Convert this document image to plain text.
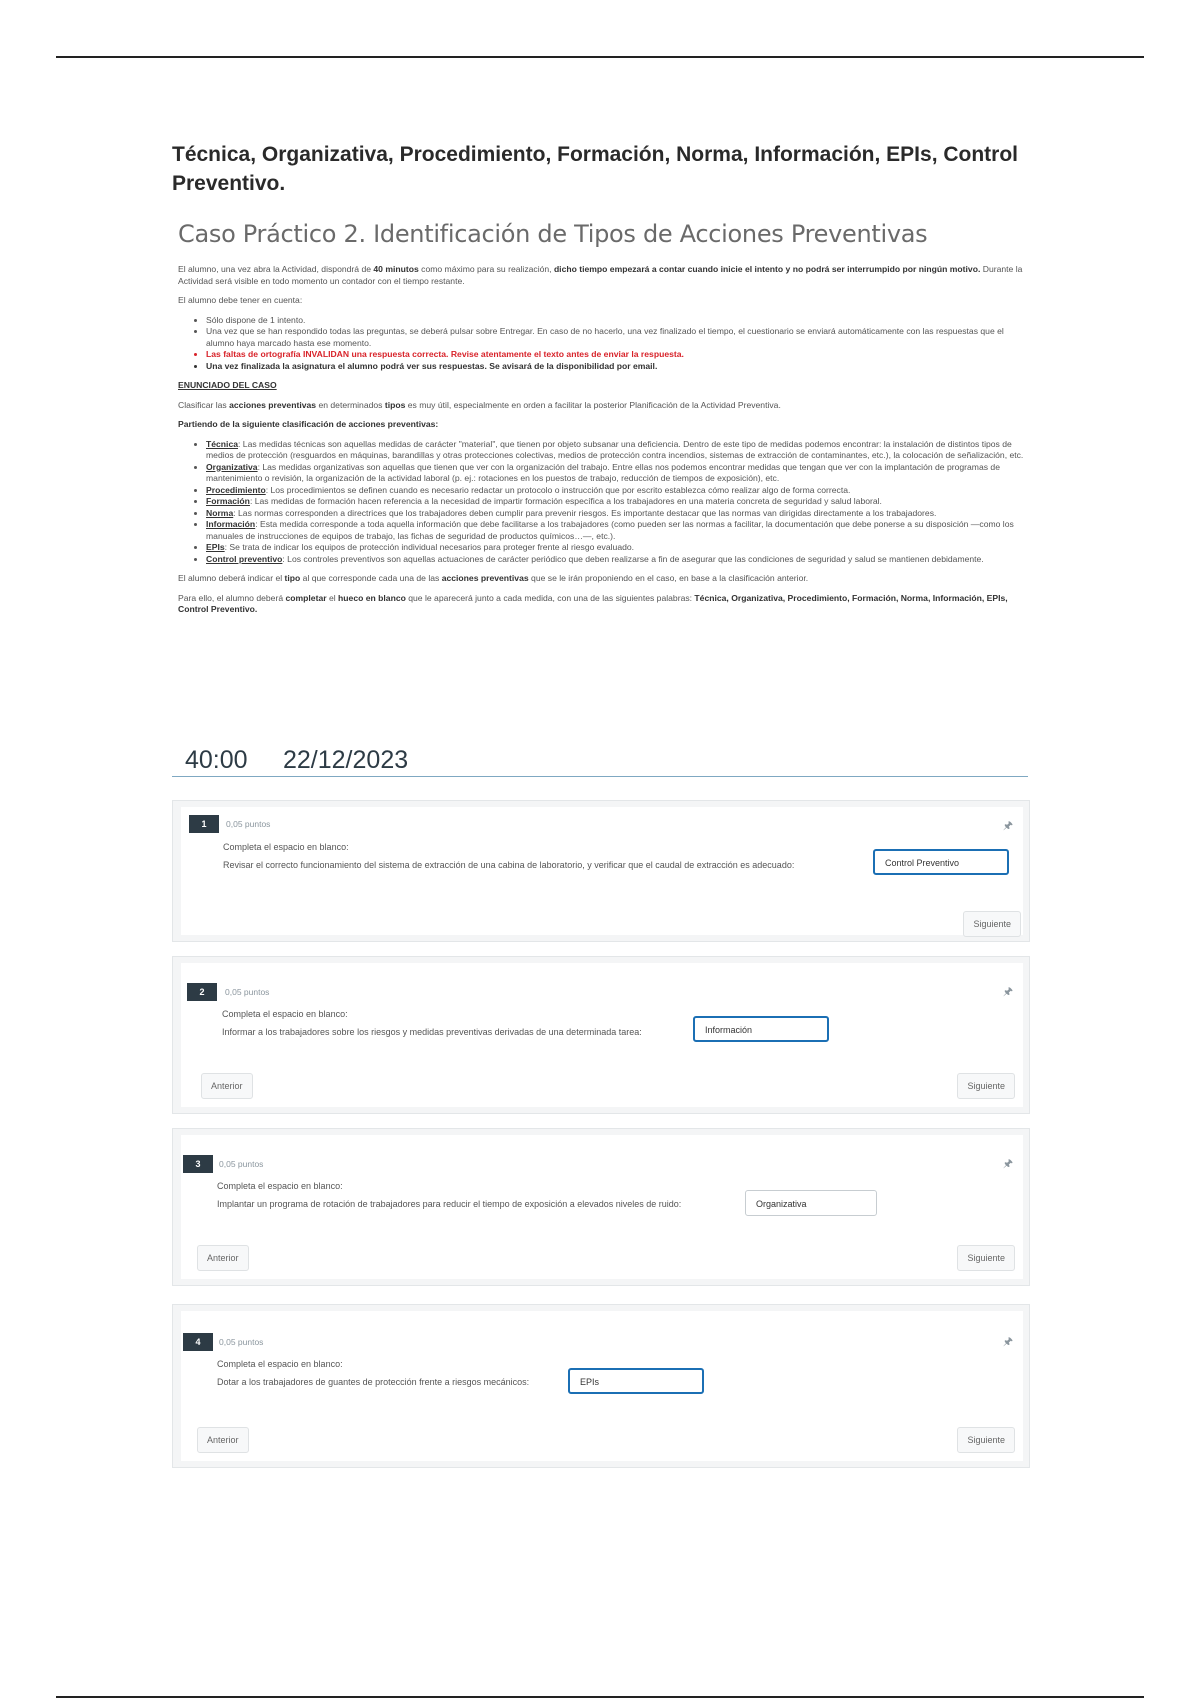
Técnica, Organizativa, Procedimiento, Formación, Norma, Información, EPIs, Control Preventivo.
Caso Práctico 2. Identificación de Tipos de Acciones Preventivas

El alumno, una vez abra la Actividad, dispondrá de 40 minutos como máximo para su realización, dicho tiempo empezará a contar cuando inicie el intento y no podrá ser interrumpido por ningún motivo. Durante la Actividad será visible en todo momento un contador con el tiempo restante.

El alumno debe tener en cuenta:

• Sólo dispone de 1 intento.
• Una vez que se han respondido todas las preguntas, se deberá pulsar sobre Entregar. En caso de no hacerlo, una vez finalizado el tiempo, el cuestionario se enviará automáticamente con las respuestas que el alumno haya marcado hasta ese momento.
• Las faltas de ortografía INVALIDAN una respuesta correcta. Revise atentamente el texto antes de enviar la respuesta.
• Una vez finalizada la asignatura el alumno podrá ver sus respuestas. Se avisará de la disponibilidad por email.

ENUNCIADO DEL CASO

Clasificar las acciones preventivas en determinados tipos es muy útil, especialmente en orden a facilitar la posterior Planificación de la Actividad Preventiva.

Partiendo de la siguiente clasificación de acciones preventivas:

• Técnica: Las medidas técnicas son aquellas medidas de carácter "material", que tienen por objeto subsanar una deficiencia. Dentro de este tipo de medidas podemos encontrar: la instalación de distintos tipos de medios de protección (resguardos en máquinas, barandillas y otras protecciones colectivas, medios de protección contra incendios, sistemas de extracción de contaminantes, etc.), la colocación de señalización, etc.
• Organizativa: Las medidas organizativas son aquellas que tienen que ver con la organización del trabajo. Entre ellas nos podemos encontrar medidas que tengan que ver con la implantación de programas de mantenimiento o revisión, la organización de la actividad laboral (p. ej.: rotaciones en los puestos de trabajo, reducción de tiempos de exposición), etc.
• Procedimiento: Los procedimientos se definen cuando es necesario redactar un protocolo o instrucción que por escrito establezca cómo realizar algo de forma correcta.
• Formación: Las medidas de formación hacen referencia a la necesidad de impartir formación específica a los trabajadores en una materia concreta de seguridad y salud laboral.
• Norma: Las normas corresponden a directrices que los trabajadores deben cumplir para prevenir riesgos. Es importante destacar que las normas van dirigidas directamente a los trabajadores.
• Información: Esta medida corresponde a toda aquella información que debe facilitarse a los trabajadores (como pueden ser las normas a facilitar, la documentación que debe ponerse a su disposición —como los manuales de instrucciones de equipos de trabajo, las fichas de seguridad de productos químicos…—, etc.).
• EPIs: Se trata de indicar los equipos de protección individual necesarios para proteger frente al riesgo evaluado.
• Control preventivo: Los controles preventivos son aquellas actuaciones de carácter periódico que deben realizarse a fin de asegurar que las condiciones de seguridad y salud se mantienen debidamente.

El alumno deberá indicar el tipo al que corresponde cada una de las acciones preventivas que se le irán proponiendo en el caso, en base a la clasificación anterior.

Para ello, el alumno deberá completar el hueco en blanco que le aparecerá junto a cada medida, con una de las siguientes palabras: Técnica, Organizativa, Procedimiento, Formación, Norma, Información, EPIs, Control Preventivo.

40:00 22/12/2023
1	0,05 puntos	🖈
Completa el espacio en blanco:
Revisar el correcto funcionamiento del sistema de extracción de una cabina de laboratorio, y verificar que el caudal de extracción es adecuado:	Control Preventivo
Siguiente
2	0,05 puntos	🖈
Completa el espacio en blanco:
Informar a los trabajadores sobre los riesgos y medidas preventivas derivadas de una determinada tarea:	Información
Anterior	Siguiente
3	0,05 puntos	🖈
Completa el espacio en blanco:
Implantar un programa de rotación de trabajadores para reducir el tiempo de exposición a elevados niveles de ruido:	Organizativa
Anterior	Siguiente
4	0,05 puntos	🖈
Completa el espacio en blanco:
Dotar a los trabajadores de guantes de protección frente a riesgos mecánicos:	EPIs
Anterior	Siguiente
